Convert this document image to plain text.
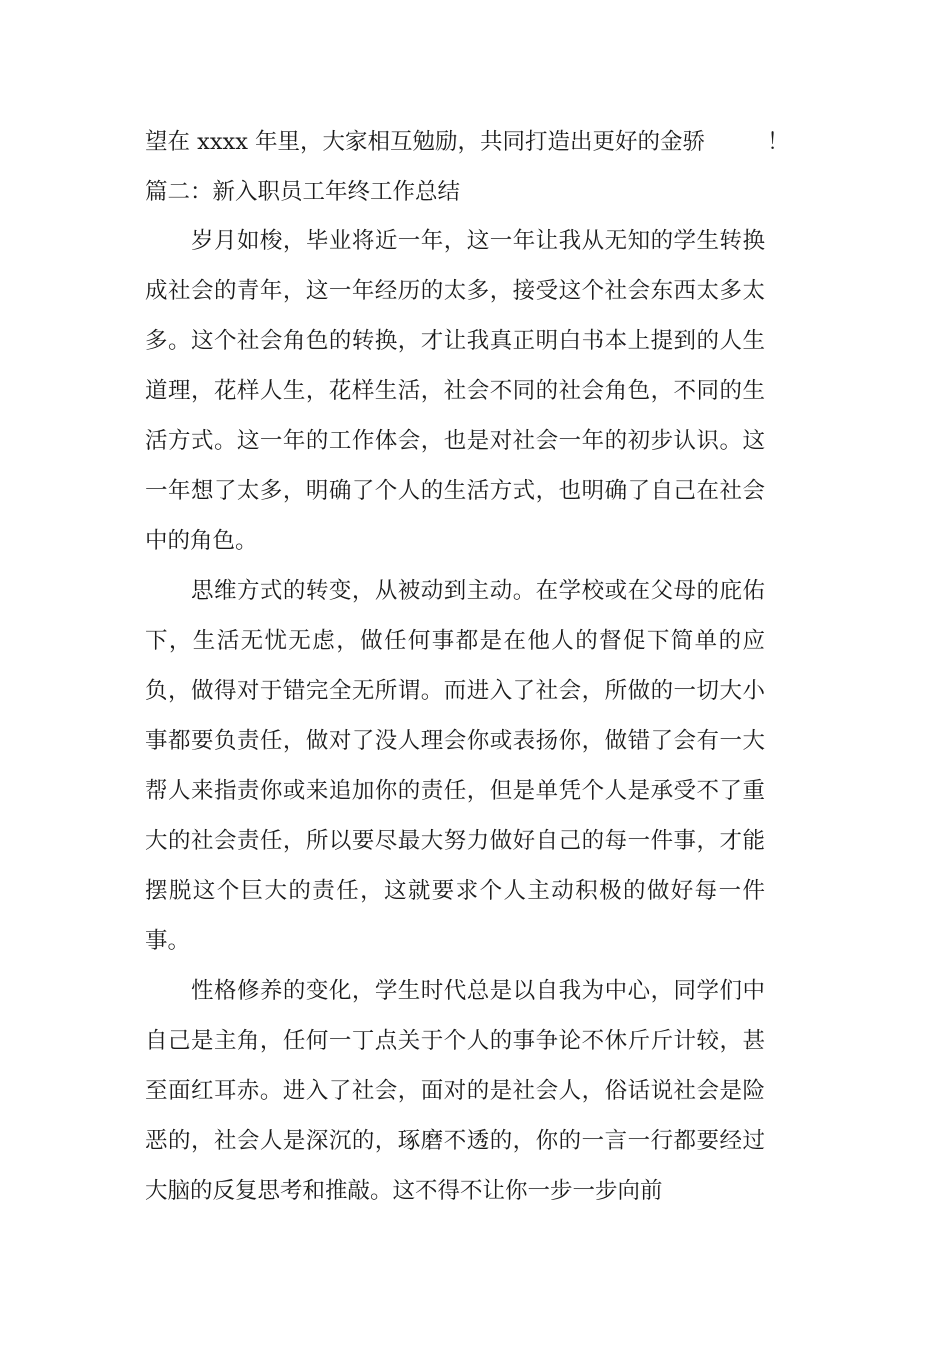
望在 xxxx 年里，大家相互勉励，共同打造出更好的金骄	！
篇二：新入职员工年终工作总结

岁月如梭，毕业将近一年，这一年让我从无知的学生转换成社会的青年，这一年经历的太多，接受这个社会东西太多太多。这个社会角色的转换，才让我真正明白书本上提到的人生道理，花样人生，花样生活，社会不同的社会角色，不同的生活方式。这一年的工作体会，也是对社会一年的初步认识。这一年想了太多，明确了个人的生活方式，也明确了自己在社会中的角色。

思维方式的转变，从被动到主动。在学校或在父母的庇佑下，生活无忧无虑，做任何事都是在他人的督促下简单的应负，做得对于错完全无所谓。而进入了社会，所做的一切大小事都要负责任，做对了没人理会你或表扬你，做错了会有一大帮人来指责你或来追加你的责任，但是单凭个人是承受不了重大的社会责任，所以要尽最大努力做好自己的每一件事，才能摆脱这个巨大的责任，这就要求个人主动积极的做好每一件事。

性格修养的变化，学生时代总是以自我为中心，同学们中自己是主角，任何一丁点关于个人的事争论不休斤斤计较，甚至面红耳赤。进入了社会，面对的是社会人，俗话说社会是险恶的，社会人是深沉的，琢磨不透的，你的一言一行都要经过大脑的反复思考和推敲。这不得不让你一步一步向前
